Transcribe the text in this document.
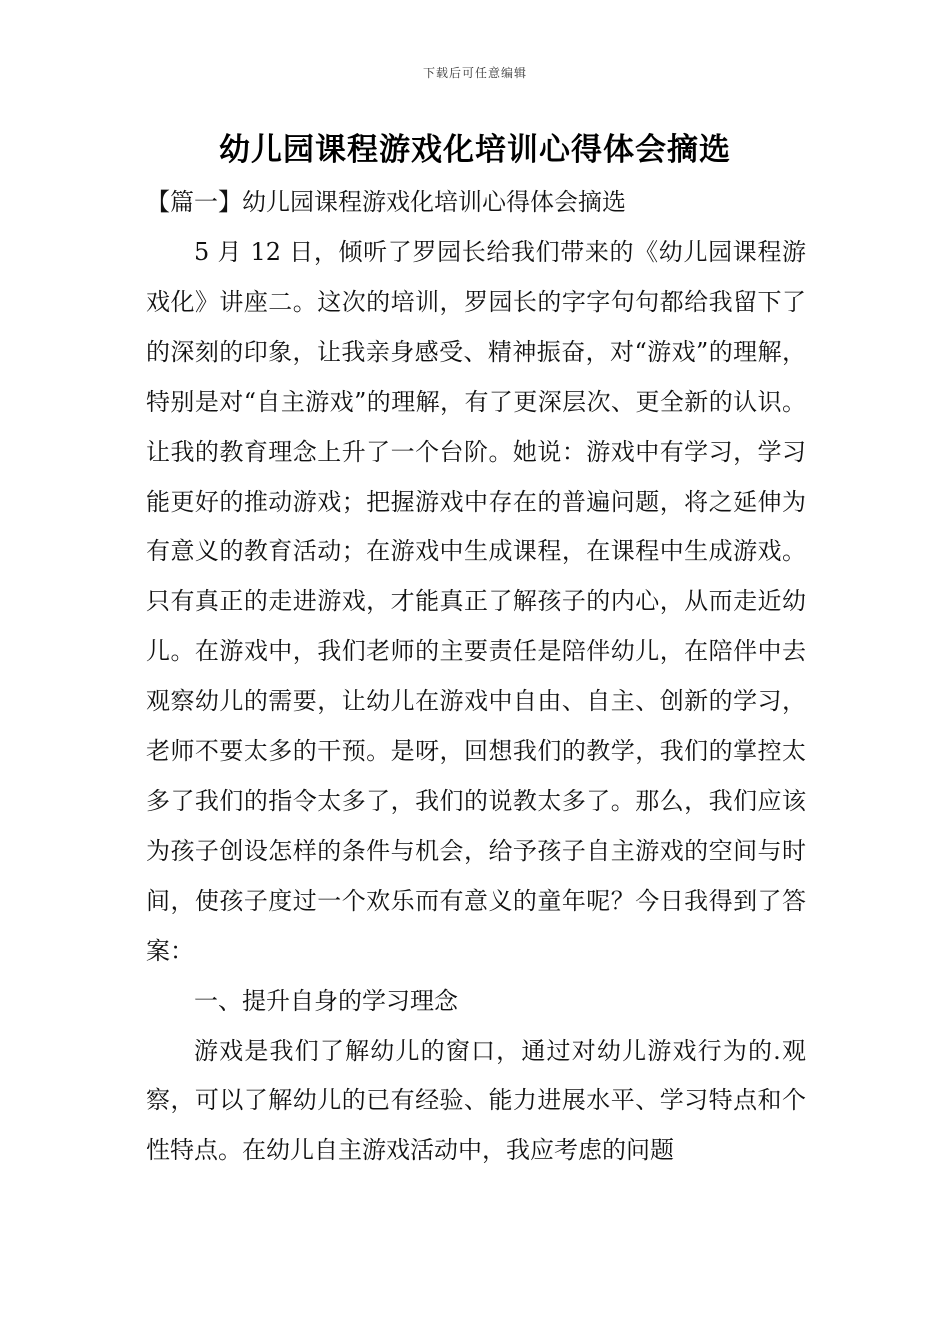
下载后可任意编辑
幼儿园课程游戏化培训心得体会摘选
【篇一】幼儿园课程游戏化培训心得体会摘选

5 月 12 日，倾听了罗园长给我们带来的《幼儿园课程游戏化》讲座二。这次的培训，罗园长的字字句句都给我留下了的深刻的印象，让我亲身感受、精神振奋，对“游戏”的理解，特别是对“自主游戏”的理解，有了更深层次、更全新的认识。让我的教育理念上升了一个台阶。她说：游戏中有学习，学习能更好的推动游戏；把握游戏中存在的普遍问题，将之延伸为有意义的教育活动；在游戏中生成课程，在课程中生成游戏。只有真正的走进游戏，才能真正了解孩子的内心，从而走近幼儿。在游戏中，我们老师的主要责任是陪伴幼儿，在陪伴中去观察幼儿的需要，让幼儿在游戏中自由、自主、创新的学习，老师不要太多的干预。是呀，回想我们的教学，我们的掌控太多了我们的指令太多了，我们的说教太多了。那么，我们应该为孩子创设怎样的条件与机会，给予孩子自主游戏的空间与时间，使孩子度过一个欢乐而有意义的童年呢？今日我得到了答案：

一、提升自身的学习理念

游戏是我们了解幼儿的窗口，通过对幼儿游戏行为的.观察，可以了解幼儿的已有经验、能力进展水平、学习特点和个性特点。在幼儿自主游戏活动中，我应考虑的问题
